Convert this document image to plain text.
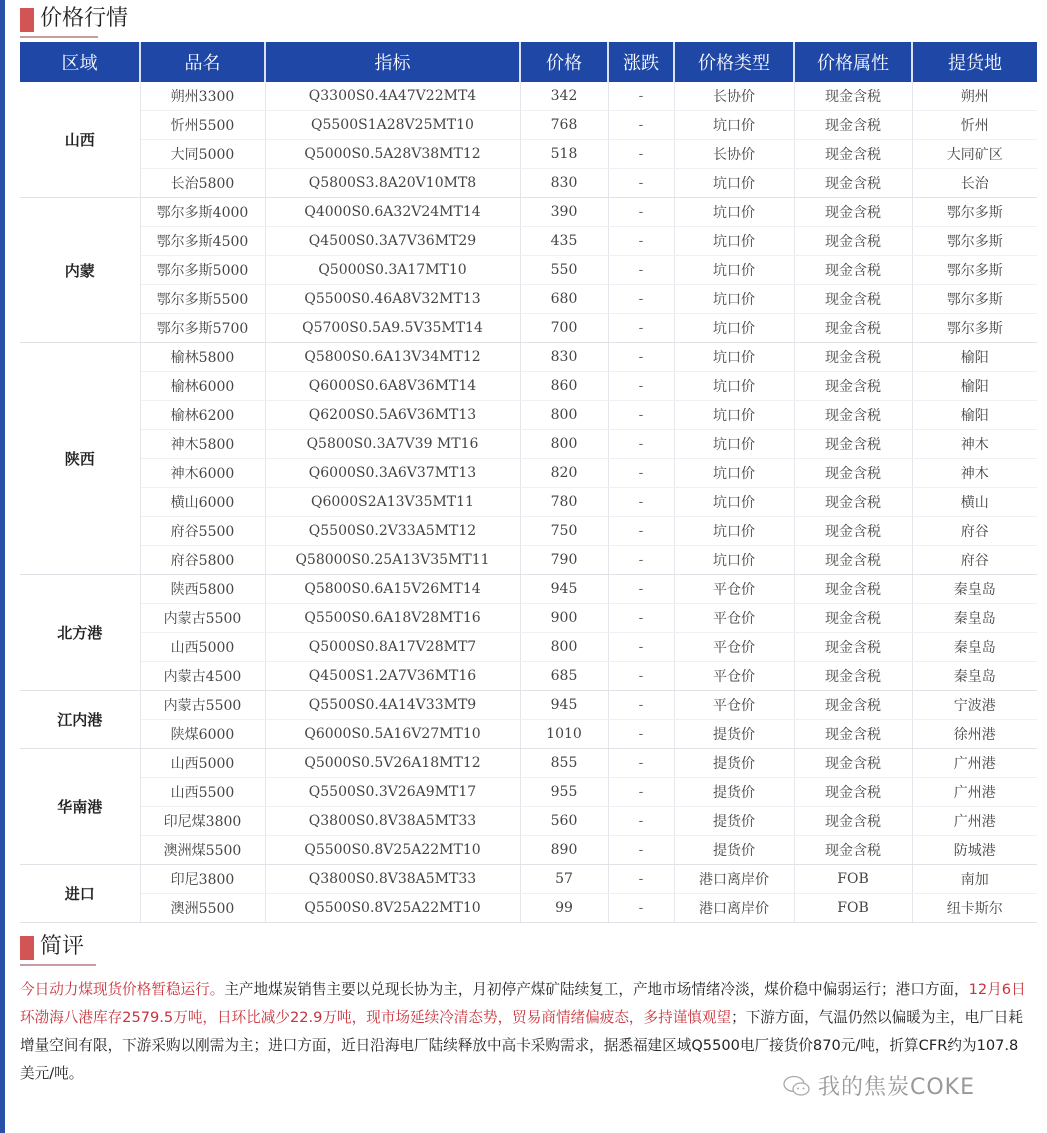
价格行情
区域	品名	指标	价格	涨跌	价格类型	价格属性	提货地
山西	朔州3300	Q3300S0.4A47V22MT4	342	-	长协价	现金含税	朔州
	忻州5500	Q5500S1A28V25MT10	768	-	坑口价	现金含税	忻州
	大同5000	Q5000S0.5A28V38MT12	518	-	长协价	现金含税	大同矿区
	长治5800	Q5800S3.8A20V10MT8	830	-	坑口价	现金含税	长治
内蒙	鄂尔多斯4000	Q4000S0.6A32V24MT14	390	-	坑口价	现金含税	鄂尔多斯
	鄂尔多斯4500	Q4500S0.3A7V36MT29	435	-	坑口价	现金含税	鄂尔多斯
	鄂尔多斯5000	Q5000S0.3A17MT10	550	-	坑口价	现金含税	鄂尔多斯
	鄂尔多斯5500	Q5500S0.46A8V32MT13	680	-	坑口价	现金含税	鄂尔多斯
	鄂尔多斯5700	Q5700S0.5A9.5V35MT14	700	-	坑口价	现金含税	鄂尔多斯
陕西	榆林5800	Q5800S0.6A13V34MT12	830	-	坑口价	现金含税	榆阳
	榆林6000	Q6000S0.6A8V36MT14	860	-	坑口价	现金含税	榆阳
	榆林6200	Q6200S0.5A6V36MT13	800	-	坑口价	现金含税	榆阳
	神木5800	Q5800S0.3A7V39 MT16	800	-	坑口价	现金含税	神木
	神木6000	Q6000S0.3A6V37MT13	820	-	坑口价	现金含税	神木
	横山6000	Q6000S2A13V35MT11	780	-	坑口价	现金含税	横山
	府谷5500	Q5500S0.2V33A5MT12	750	-	坑口价	现金含税	府谷
	府谷5800	Q58000S0.25A13V35MT11	790	-	坑口价	现金含税	府谷
北方港	陕西5800	Q5800S0.6A15V26MT14	945	-	平仓价	现金含税	秦皇岛
	内蒙古5500	Q5500S0.6A18V28MT16	900	-	平仓价	现金含税	秦皇岛
	山西5000	Q5000S0.8A17V28MT7	800	-	平仓价	现金含税	秦皇岛
	内蒙古4500	Q4500S1.2A7V36MT16	685	-	平仓价	现金含税	秦皇岛
江内港	内蒙古5500	Q5500S0.4A14V33MT9	945	-	平仓价	现金含税	宁波港
	陕煤6000	Q6000S0.5A16V27MT10	1010	-	提货价	现金含税	徐州港
华南港	山西5000	Q5000S0.5V26A18MT12	855	-	提货价	现金含税	广州港
	山西5500	Q5500S0.3V26A9MT17	955	-	提货价	现金含税	广州港
	印尼煤3800	Q3800S0.8V38A5MT33	560	-	提货价	现金含税	广州港
	澳洲煤5500	Q5500S0.8V25A22MT10	890	-	提货价	现金含税	防城港
进口	印尼3800	Q3800S0.8V38A5MT33	57	-	港口离岸价	FOB	南加
	澳洲5500	Q5500S0.8V25A22MT10	99	-	港口离岸价	FOB	纽卡斯尔
简评
今日动力煤现货价格暂稳运行。主产地煤炭销售主要以兑现长协为主，月初停产煤矿陆续复工，产地市场情绪冷淡，煤价稳中偏弱运行；港口方面，12月6日环渤海八港库存2579.5万吨，日环比减少22.9万吨，现市场延续冷清态势，贸易商情绪偏疲态，多持谨慎观望；下游方面，气温仍然以偏暖为主，电厂日耗增量空间有限，下游采购以刚需为主；进口方面，近日沿海电厂陆续释放中高卡采购需求，据悉福建区域Q5500电厂接货价870元/吨，折算CFR约为107.8美元/吨。
我的焦炭COKE
